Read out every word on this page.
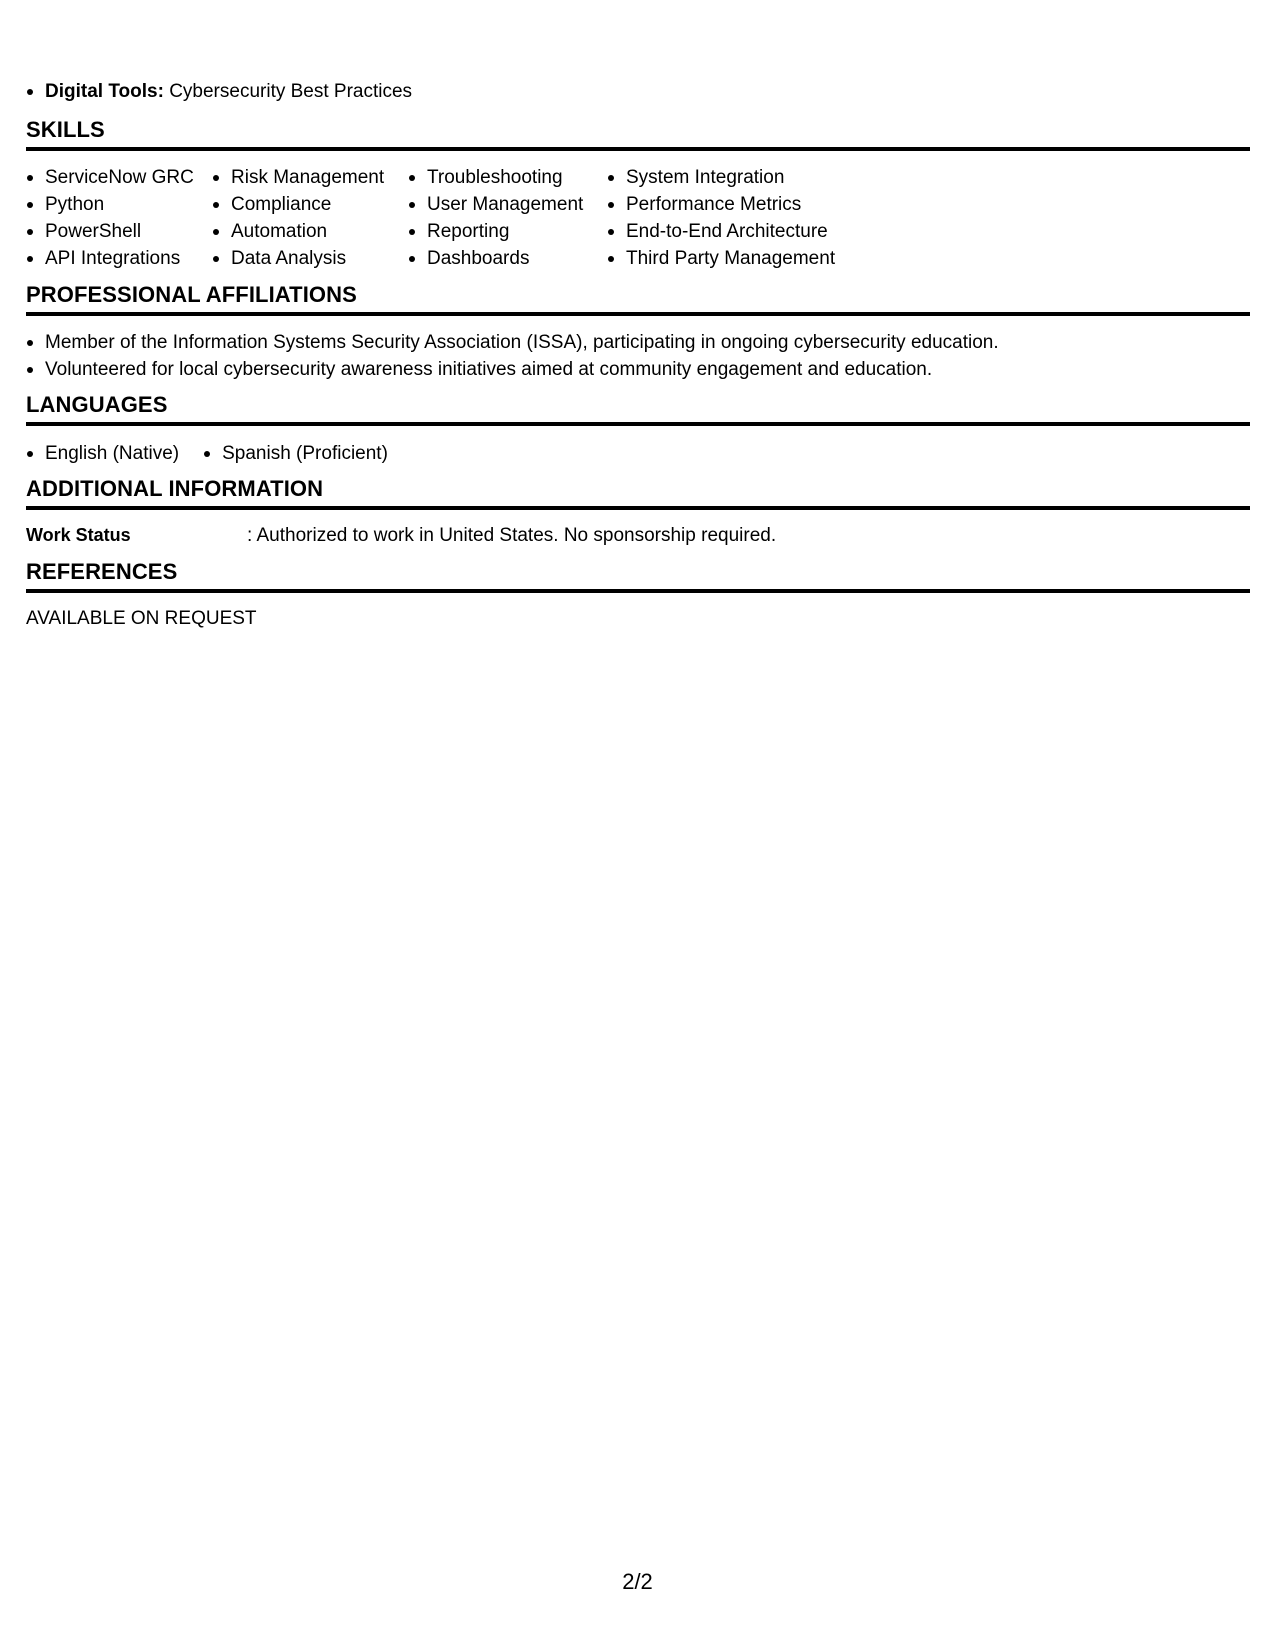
Digital Tools: Cybersecurity Best Practices
SKILLS
ServiceNow GRC
Python
PowerShell
API Integrations
Risk Management
Compliance
Automation
Data Analysis
Troubleshooting
User Management
Reporting
Dashboards
System Integration
Performance Metrics
End-to-End Architecture
Third Party Management
PROFESSIONAL AFFILIATIONS
Member of the Information Systems Security Association (ISSA), participating in ongoing cybersecurity education.
Volunteered for local cybersecurity awareness initiatives aimed at community engagement and education.
LANGUAGES
English (Native)	Spanish (Proficient)
ADDITIONAL INFORMATION
Work Status	: Authorized to work in United States. No sponsorship required.
REFERENCES
AVAILABLE ON REQUEST
2/2
